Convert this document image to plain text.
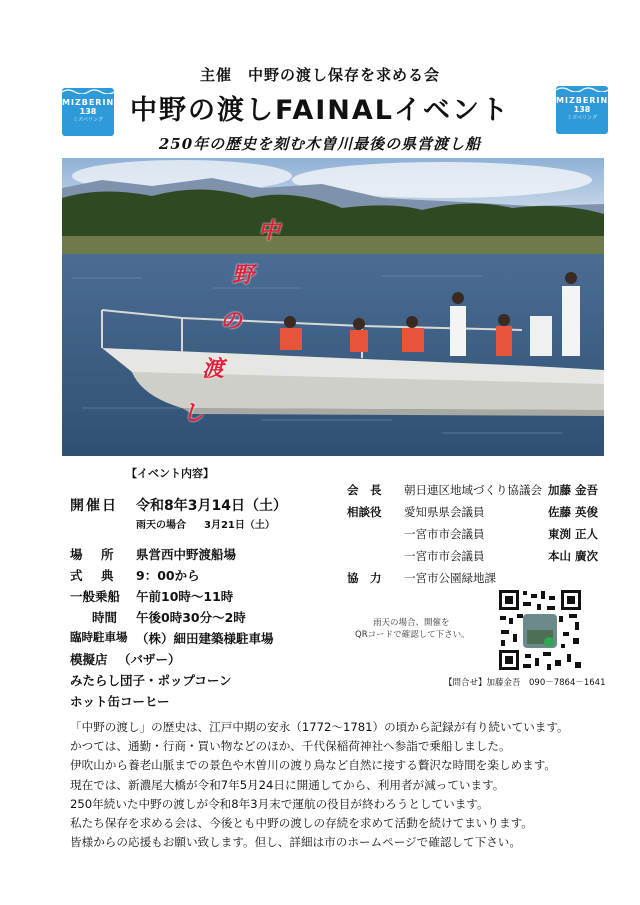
主催　中野の渡し保存を求める会
中野の渡しFAINALイベント
250年の歴史を刻む木曽川最後の県営渡し船
MIZBERING
138
ミズベリング
MIZBERING
138
ミズベリング
中
野
の
渡
し
【イベント内容】
開催日 令和8年3月14日（土）
雨天の場合 3月21日（土）
場　所 県営西中野渡船場
式　典 9：00から
一般乗船 午前10時～11時
時間 午後0時30分～2時
臨時駐車場 （株）細田建築様駐車場
模擬店 （バザー）
みたらし団子・ポップコーン
ホット缶コーヒー
会　長 朝日連区地域づくり協議会 加藤 金吾
相談役 愛知県県会議員	佐藤 英俊
一宮市市会議員	東渕 正人
一宮市市会議員	本山 廣次
協　力 一宮市公園緑地課
雨天の場合、開催を
QRコードで確認して下さい。
【問合せ】加藤金吾　090－7864－1641
「中野の渡し」の歴史は、江戸中期の安永（1772～1781）の頃から記録が有り続いています。
かつては、通勤・行商・買い物などのほか、千代保稲荷神社へ参詣で乗船しました。
伊吹山から養老山脈までの景色や木曽川の渡り鳥など自然に接する贅沢な時間を楽しめます。
現在では、新濃尾大橋が令和7年5月24日に開通してから、利用者が減っています。
250年続いた中野の渡しが令和8年3月末で運航の役目が終わろうとしています。
私たち保存を求める会は、今後とも中野の渡しの存続を求めて活動を続けてまいります。
皆様からの応援もお願い致します。但し、詳細は市のホームページで確認して下さい。
